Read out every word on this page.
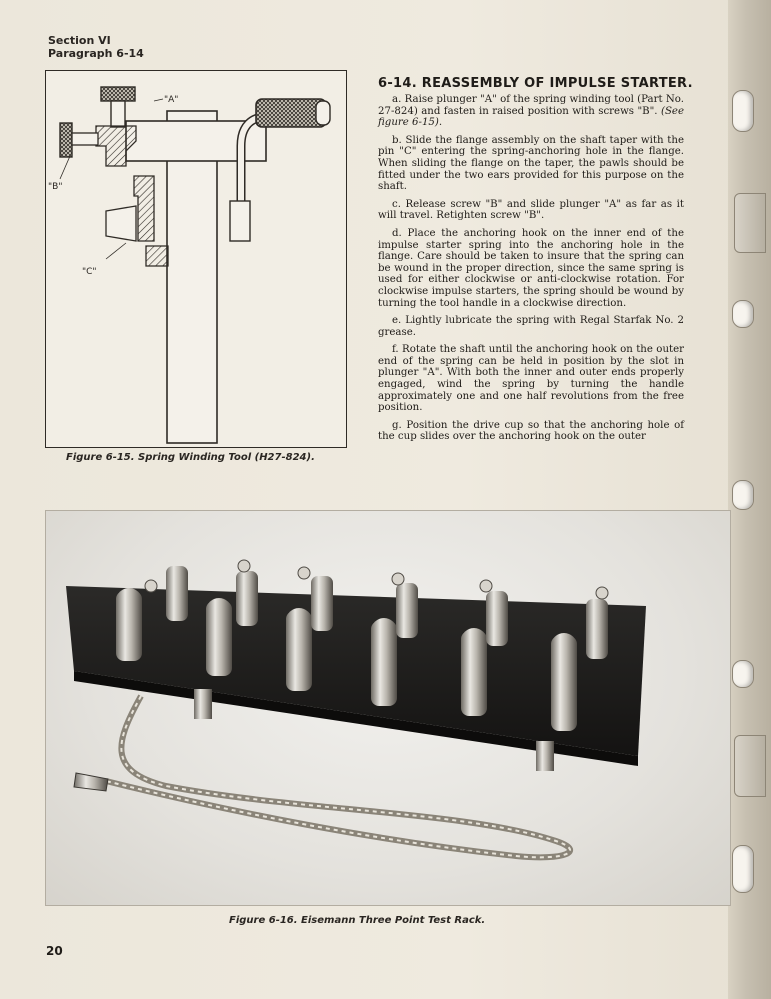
Section VI
Paragraph 6-14
"A"
"B"
"C"
Figure 6-15. Spring Winding Tool (H27-824).
6-14. REASSEMBLY OF IMPULSE STARTER.

a. Raise plunger "A" of the spring winding tool (Part No. 27-824) and fasten in raised position with screws "B". (See figure 6-15).

b. Slide the flange assembly on the shaft taper with the pin "C" entering the spring-anchoring hole in the flange. When sliding the flange on the taper, the pawls should be fitted under the two ears provided for this purpose on the shaft.

c. Release screw "B" and slide plunger "A" as far as it will travel. Retighten screw "B".

d. Place the anchoring hook on the inner end of the impulse starter spring into the anchoring hole in the flange. Care should be taken to insure that the spring can be wound in the proper direction, since the same spring is used for either clockwise or anti-clockwise rotation. For clockwise impulse starters, the spring should be wound by turning the tool handle in a clockwise direction.

e. Lightly lubricate the spring with Regal Starfak No. 2 grease.

f. Rotate the shaft until the anchoring hook on the outer end of the spring can be held in position by the slot in plunger "A". With both the inner and outer ends properly engaged, wind the spring by turning the handle approximately one and one half revolutions from the free position.

g. Position the drive cup so that the anchoring hole of the cup slides over the anchoring hook on the outer

Figure 6-16. Eisemann Three Point Test Rack.
20
